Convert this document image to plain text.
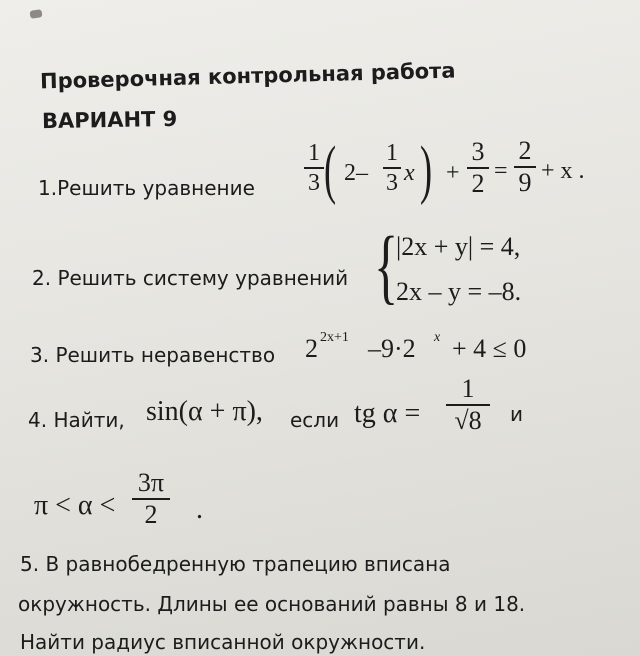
Проверочная контрольная работа
ВАРИАНТ 9
1.Решить уравнение
1
3 ( 2–
1
3 x ) +
3
2 =
2
9 + x .
2. Решить систему уравнений {
|2x + y| = 4,
2x – y = –8.
3. Решить неравенство 2 2x+1 –9·2 x + 4 ≤ 0
4. Найти, sin(α + π), если tg α =
1
√8	и
π < α <
3π
2	.
5. В равнобедренную трапецию вписана
окружность. Длины ее оснований равны 8 и 18.
Найти радиус вписанной окружности.
